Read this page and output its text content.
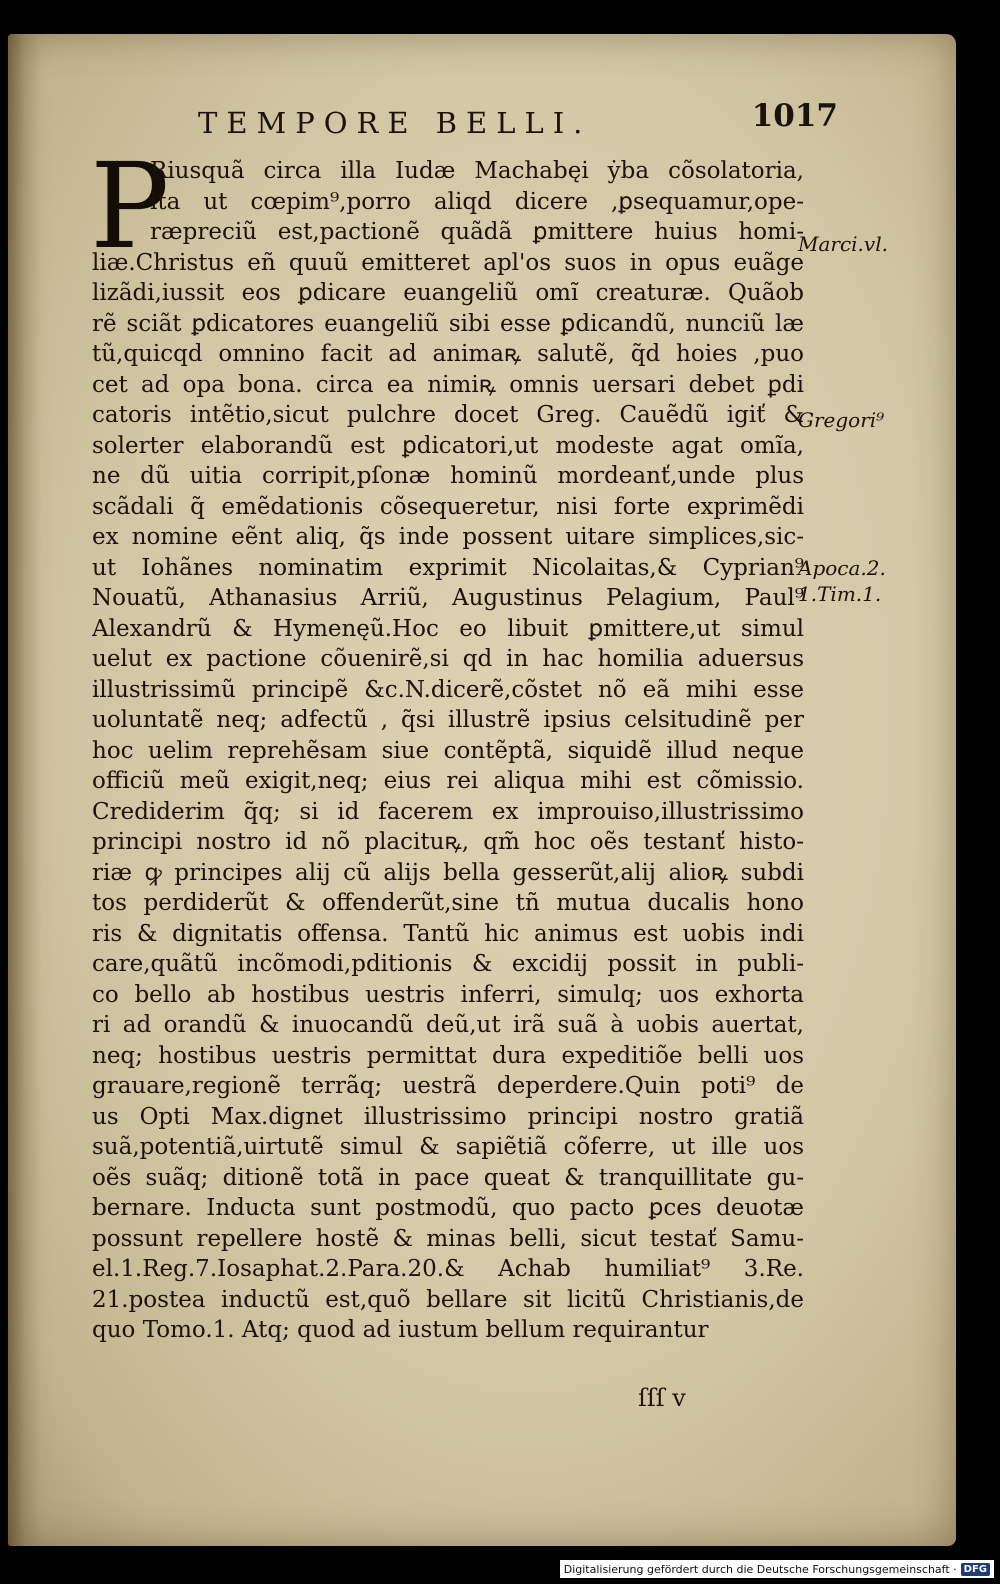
TEMPORE BELLI.	1017
P
Riusquã circa illa Iudæ Machabęi ẏba cõsolatoria,
ita ut cœpim⁹,porro aliqd dicere ,ꝑsequamur,ope-
ræpreciũ est,pactionẽ quãdã ꝑmittere huius homi-
liæ.Christus eñ quuũ emitteret apl'os suos in opus euãge
lizãdi,iussit eos ꝑdicare euangeliũ omĩ creaturæ. Quãob
rẽ sciãt ꝑdicatores euangeliũ sibi esse ꝑdicandũ, nunciũ læ
tũ,quicqd omnino facit ad animaꝶ salutẽ, q̃d hoies ,puo
cet ad opa bona. circa ea nimiꝶ omnis uersari debet ꝑdi
catoris intẽtio,sicut pulchre docet Greg. Cauẽdũ igiť &
solerter elaborandũ est ꝑdicatori,ut modeste agat omĩa,
ne dũ uitia corripit,pſonæ hominũ mordeanť,unde plus
scãdali q̃ emẽdationis cõsequeretur, nisi forte exprimẽdi
ex nomine eẽnt aliq, q̃s inde possent uitare simplices,sic-
ut Iohãnes nominatim exprimit Nicolaitas,& Cyprian⁹
Nouatũ, Athanasius Arriũ, Augustinus Pelagium, Paul⁹
Alexandrũ & Hymenęũ.Hoc eo libuit ꝑmittere,ut simul
uelut ex pactione cõuenirẽ,si qd in hac homilia aduersus
illustrissimũ principẽ &c.N.dicerẽ,cõstet nõ eã mihi esse
uoluntatẽ neq; adfectũ , q̃si illustrẽ ipsius celsitudinẽ per
hoc uelim reprehẽsam siue contẽptã, siquidẽ illud neque
officiũ meũ exigit,neq; eius rei aliqua mihi est cõmissio.
Crediderim q̃q; si id facerem ex improuiso,illustrissimo
principi nostro id nõ placituꝶ, qm̃ hoc oẽs testanť histo-
riæ ꝙ principes alij cũ alijs bella gesserũt,alij alioꝶ subdi
tos perdiderũt & offenderũt,sine tñ mutua ducalis hono
ris & dignitatis offensa. Tantũ hic animus est uobis indi
care,quãtũ incõmodi,pditionis & excidij possit in publi-
co bello ab hostibus uestris inferri, simulq; uos exhorta
ri ad orandũ & inuocandũ deũ,ut irã suã à uobis auertat,
neq; hostibus uestris permittat dura expeditiõe belli uos
grauare,regionẽ terrãq; uestrã deperdere.Quin poti⁹ de
us Opti Max.dignet illustrissimo principi nostro gratiã
suã,potentiã,uirtutẽ simul & sapiẽtiã cõferre, ut ille uos
oẽs suãq; ditionẽ totã in pace queat & tranquillitate gu-
bernare. Inducta sunt postmodũ, quo pacto ꝑces deuotæ
possunt repellere hostẽ & minas belli, sicut testať Samu-
el.1.Reg.7.Iosaphat.2.Para.20.& Achab humiliat⁹ 3.Re.
21.postea inductũ est,quõ bellare sit licitũ Christianis,de
quo Tomo.1. Atq; quod ad iustum bellum requirantur
Marci.vl.
Gregori⁹
Apoca.2.
1.Tim.1.
ſſſ v
Digitalisierung gefördert durch die Deutsche Forschungsgemeinschaft · DFG
